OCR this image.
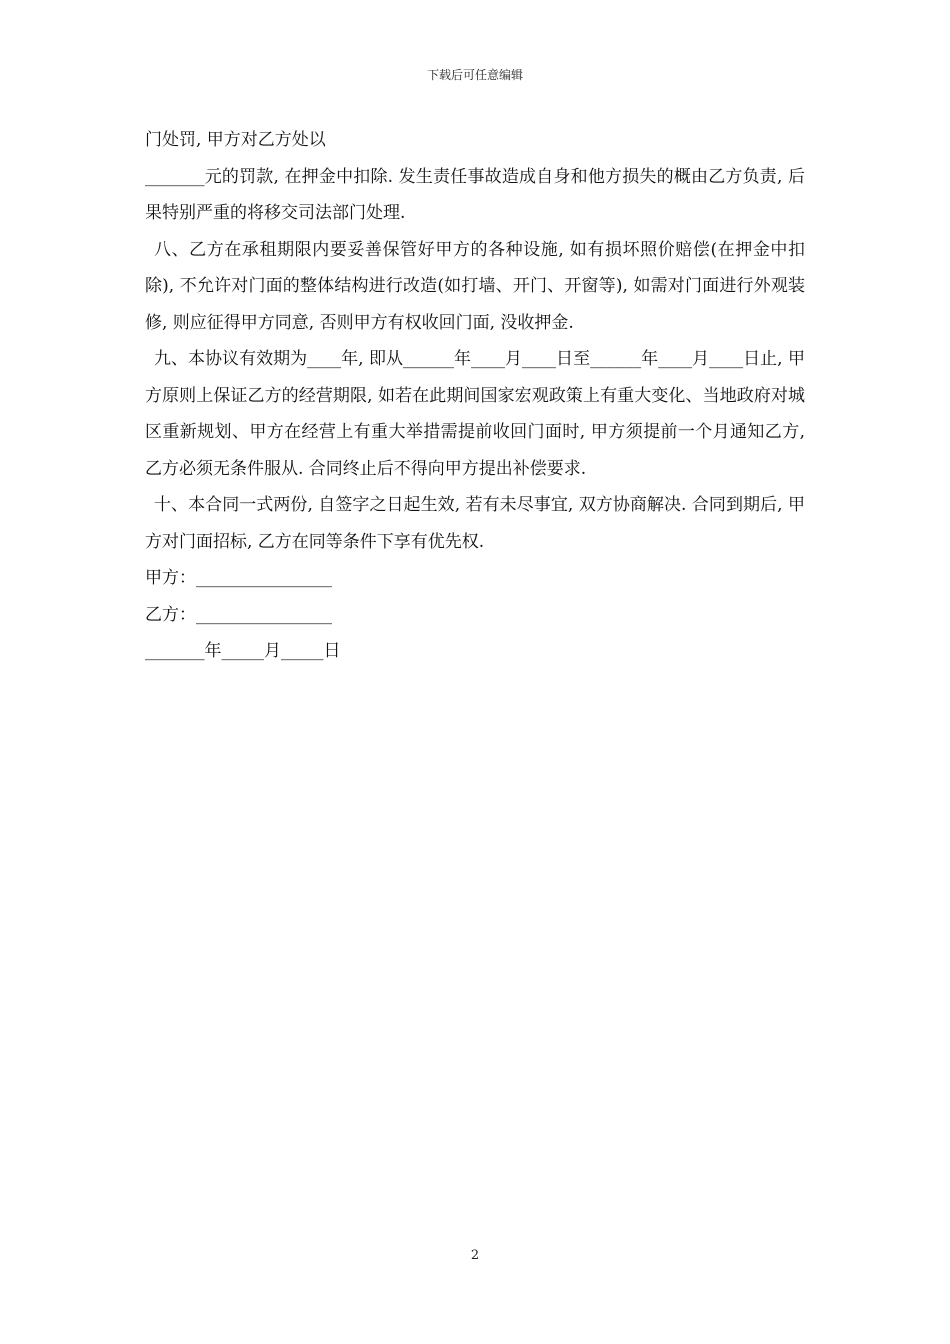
下载后可任意编辑

门处罚, 甲方对乙方处以

_______元的罚款, 在押金中扣除. 发生责任事故造成自身和他方损失的概由乙方负责, 后果特别严重的将移交司法部门处理.

八、乙方在承租期限内要妥善保管好甲方的各种设施, 如有损坏照价赔偿(在押金中扣除), 不允许对门面的整体结构进行改造(如打墙、开门、开窗等), 如需对门面进行外观装修, 则应征得甲方同意, 否则甲方有权收回门面, 没收押金.

九、本协议有效期为____年, 即从______年____月____日至______年____月____日止, 甲方原则上保证乙方的经营期限, 如若在此期间国家宏观政策上有重大变化、当地政府对城区重新规划、甲方在经营上有重大举措需提前收回门面时, 甲方须提前一个月通知乙方, 乙方必须无条件服从. 合同终止后不得向甲方提出补偿要求.

十、本合同一式两份, 自签字之日起生效, 若有未尽事宜, 双方协商解决. 合同到期后, 甲方对门面招标, 乙方在同等条件下享有优先权.

甲方：________________

乙方：________________

_______年_____月_____日

2
